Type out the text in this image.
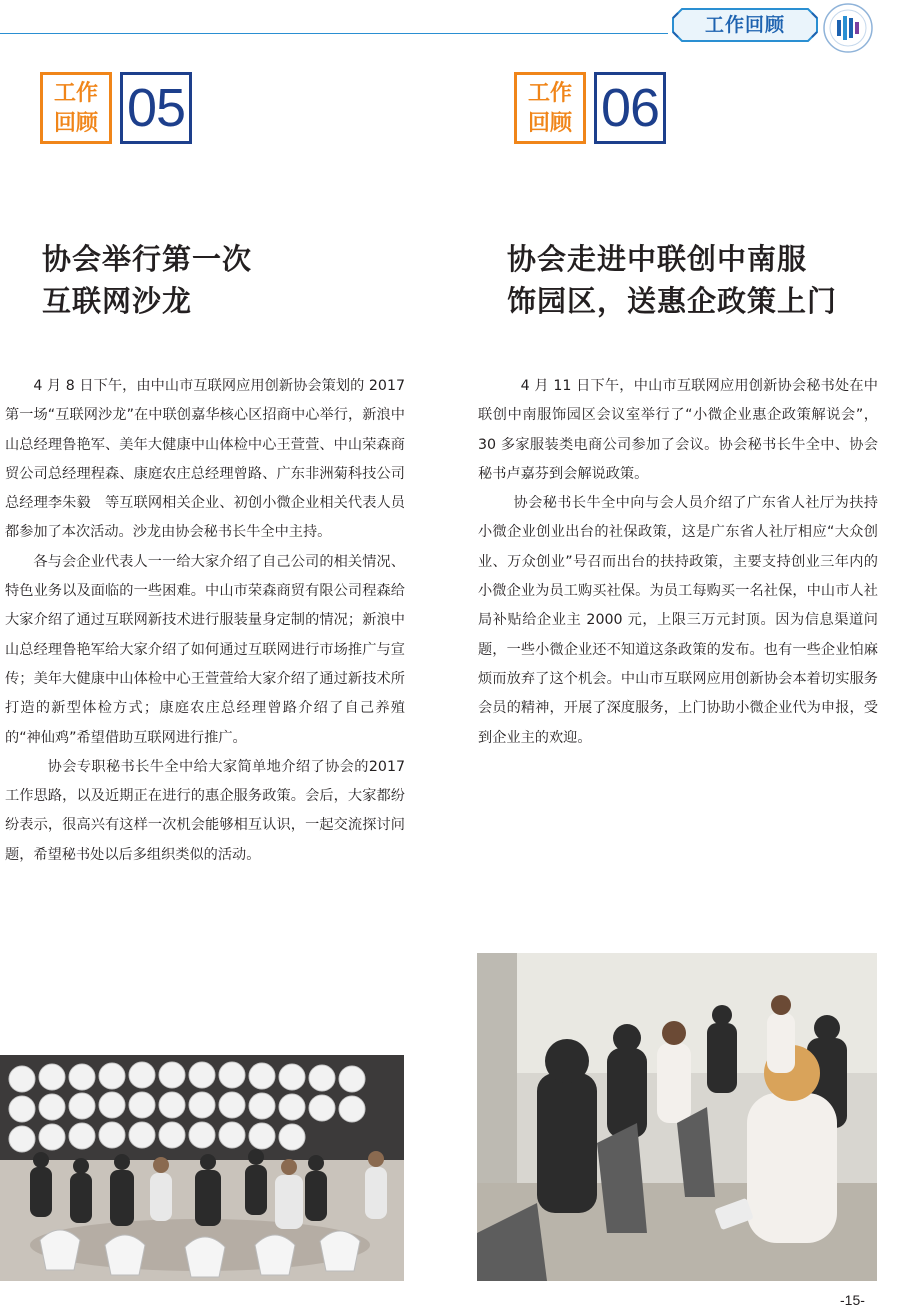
工作回顾
工作
回顾 05	工作
回顾 06
协会举行第一次
互联网沙龙
协会走进中联创中南服
饰园区，送惠企政策上门

4 月 8 日下午，由中山市互联网应用创新协会策划的 2017 第一场“互联网沙龙”在中联创嘉华核心区招商中心举行，新浪中山总经理鲁艳军、美年大健康中山体检中心王萱萱、中山荣森商贸公司总经理程森、康庭农庄总经理曾路、广东非洲菊科技公司总经理李朱毅　等互联网相关企业、初创小微企业相关代表人员都参加了本次活动。沙龙由协会秘书长牛全中主持。

各与会企业代表人一一给大家介绍了自己公司的相关情况、特色业务以及面临的一些困难。中山市荣森商贸有限公司程森给大家介绍了通过互联网新技术进行服装量身定制的情况；新浪中山总经理鲁艳军给大家介绍了如何通过互联网进行市场推广与宣传；美年大健康中山体检中心王萱萱给大家介绍了通过新技术所打造的新型体检方式；康庭农庄总经理曾路介绍了自己养殖的“神仙鸡”希望借助互联网进行推广。

协会专职秘书长牛全中给大家简单地介绍了协会的2017 工作思路，以及近期正在进行的惠企服务政策。会后，大家都纷纷表示，很高兴有这样一次机会能够相互认识，一起交流探讨问题，希望秘书处以后多组织类似的活动。

4 月 11 日下午，中山市互联网应用创新协会秘书处在中联创中南服饰园区会议室举行了“小微企业惠企政策解说会”，30 多家服装类电商公司参加了会议。协会秘书长牛全中、协会秘书卢嘉芬到会解说政策。

协会秘书长牛全中向与会人员介绍了广东省人社厅为扶持小微企业创业出台的社保政策，这是广东省人社厅相应“大众创业、万众创业”号召而出台的扶持政策，主要支持创业三年内的小微企业为员工购买社保。为员工每购买一名社保，中山市人社局补贴给企业主 2000 元，上限三万元封顶。因为信息渠道问题，一些小微企业还不知道这条政策的发布。也有一些企业怕麻烦而放弃了这个机会。中山市互联网应用创新协会本着切实服务会员的精神，开展了深度服务，上门协助小微企业代为申报，受到企业主的欢迎。

-15-
